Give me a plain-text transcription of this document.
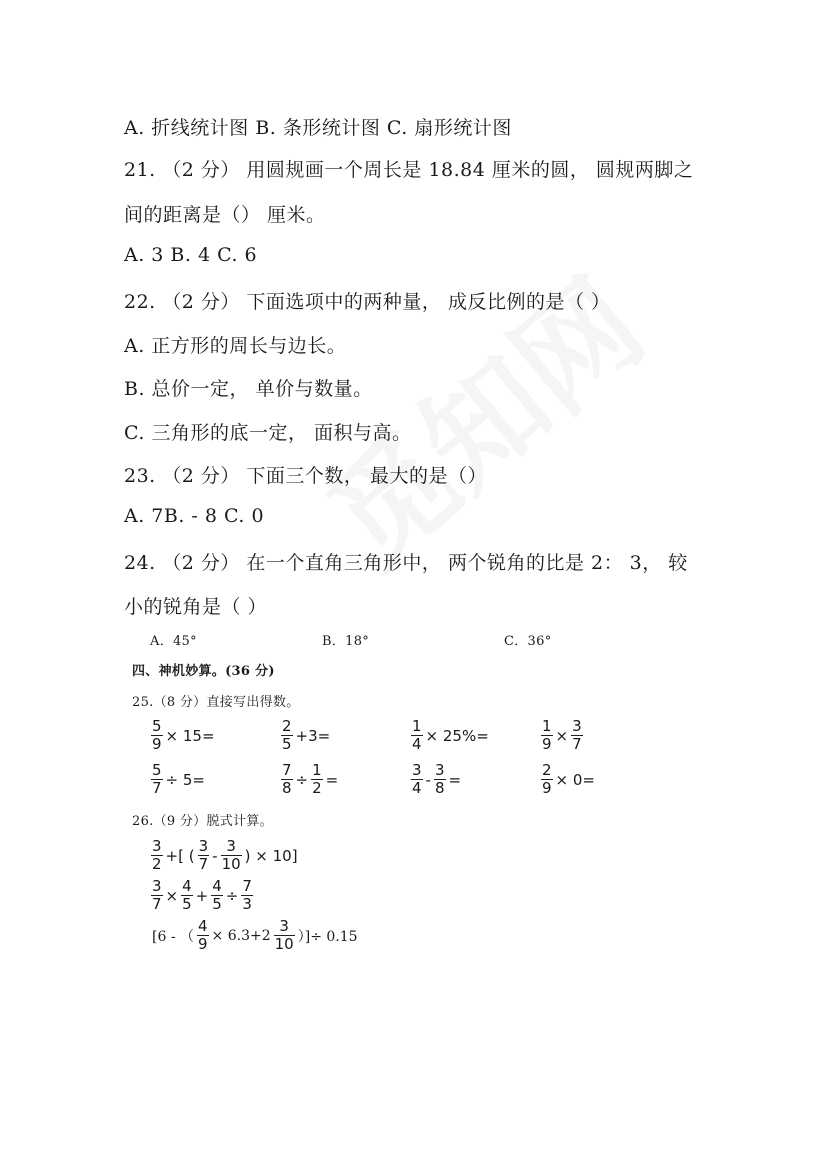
A. 折线统计图 B. 条形统计图 C. 扇形统计图
21. （2 分） 用圆规画一个周长是 18.84 厘米的圆， 圆规两脚之
间的距离是（） 厘米。
A. 3 B. 4 C. 6
22. （2 分） 下面选项中的两种量， 成反比例的是（ ）
A. 正方形的周长与边长。
B. 总价一定， 单价与数量。
C. 三角形的底一定， 面积与高。
23. （2 分） 下面三个数， 最大的是（）
A. 7B. - 8 C. 0
24. （2 分） 在一个直角三角形中， 两个锐角的比是 2： 3， 较
小的锐角是（ ）
A．45°	B．18°	C．36°
四、神机妙算。(36 分)
25.（8 分）直接写出得数。
$\frac{5}{9} \times 15=$	$\frac{2}{5} +3=$	$\frac{1}{4} \times 25\%=$	$\frac{1}{9} \times \frac{3}{7}$
$\frac{5}{7} \div 5=$	$\frac{7}{8} \div \frac{1}{2}$ =	$\frac{3}{4} - \frac{3}{8}$ =	$\frac{2}{9} \times 0=$
26.（9 分）脱式计算。
$\frac{3}{2}$ +[ ( $\frac{3}{7} - \frac{3}{10}$ ) × 10]
$\frac{3}{7} \times \frac{4}{5} + \frac{4}{5} \div \frac{7}{3}$
[6 - （ $\frac{4}{9} \times 6.3+2 \frac{3}{10}$ ）]÷ 0.15
